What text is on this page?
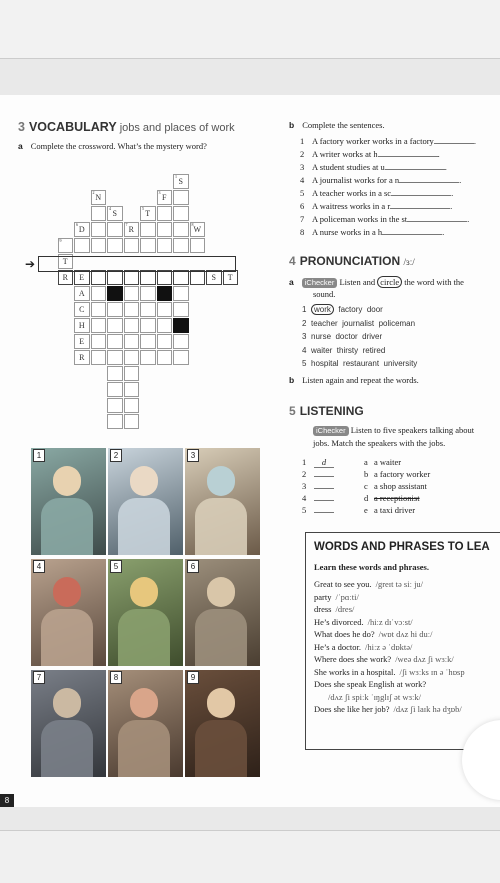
3 VOCABULARY jobs and places of work
a Complete the crossword. What’s the mystery word?
S
1
N
2
F
3
S
4
T
5
D
6
R
7
W
8
9
T
R E	S T
A
C
H
E
R
➔
1	2	3
4	5	6
7	8	9
b Complete the sentences.
1 A factory worker works in a factory	.
2 A writer works at h	.
3 A student studies at u	.
4 A journalist works for a n	.
5 A teacher works in a sc	.
6 A waitress works in a r	.
7 A policeman works in the st	.
8 A nurse works in a h	.
4 PRONUNCIATION /ɜː/
a iChecker Listen and circle the word with the
sound.
1 work factory door
2 teacher journalist policeman
3 nurse doctor driver
4 waiter thirsty retired
5 hospital restaurant university
b Listen again and repeat the words.
5 LISTENING
iChecker Listen to five speakers talking about
jobs. Match the speakers with the jobs.
1 d	a a waiter
2	b a factory worker
3	c a shop assistant
4	d a receptionist
5	e a taxi driver
WORDS AND PHRASES TO LEA
Learn these words and phrases.
Great to see you. /greɪt tə siː ju/
party /ˈpɑːti/
dress /dres/
He’s divorced. /hiːz dɪˈvɔːst/
What does he do? /wɒt dʌz hi duː/
He’s a doctor. /hiːz ə ˈdɒktə/
Where does she work? /weə dʌz ʃi wɜːk/
She works in a hospital. /ʃi wɜːks ɪn ə ˈhɒsp
Does she speak English at work?
/dʌz ʃi spiːk ˈɪŋglɪʃ ət wɜːk/
Does she like her job? /dʌz ʃi laɪk hə dʒɒb/
8
